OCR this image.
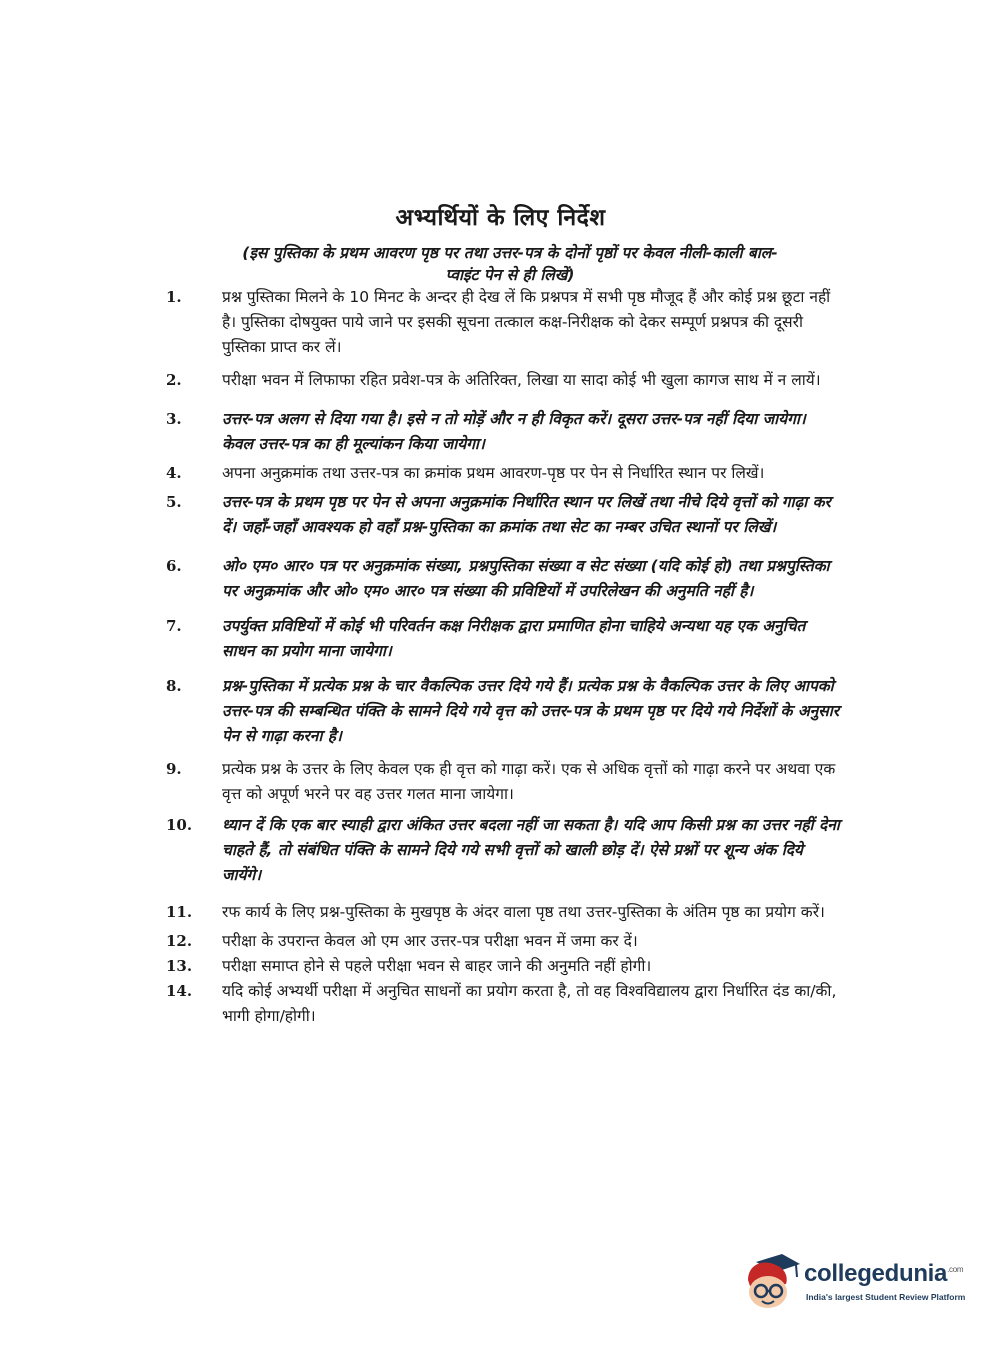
अभ्यर्थियों के लिए निर्देश
(इस पुस्तिका के प्रथम आवरण पृष्ठ पर तथा उत्तर-पत्र के दोनों पृष्ठों पर केवल नीली-काली बाल-प्वाइंट पेन से ही लिखें)
1.	प्रश्न पुस्तिका मिलने के 10 मिनट के अन्दर ही देख लें कि प्रश्नपत्र में सभी पृष्ठ मौजूद हैं और कोई प्रश्न छूटा नहीं है। पुस्तिका दोषयुक्त पाये जाने पर इसकी सूचना तत्काल कक्ष-निरीक्षक को देकर सम्पूर्ण प्रश्नपत्र की दूसरी पुस्तिका प्राप्त कर लें।
2.	परीक्षा भवन में लिफाफा रहित प्रवेश-पत्र के अतिरिक्त, लिखा या सादा कोई भी खुला कागज साथ में न लायें।
3.	उत्तर-पत्र अलग से दिया गया है। इसे न तो मोड़ें और न ही विकृत करें। दूसरा उत्तर-पत्र नहीं दिया जायेगा। केवल उत्तर-पत्र का ही मूल्यांकन किया जायेगा।
4.	अपना अनुक्रमांक तथा उत्तर-पत्र का क्रमांक प्रथम आवरण-पृष्ठ पर पेन से निर्धारित स्थान पर लिखें।
5.	उत्तर-पत्र के प्रथम पृष्ठ पर पेन से अपना अनुक्रमांक निर्धारित स्थान पर लिखें तथा नीचे दिये वृत्तों को गाढ़ा कर दें। जहाँ-जहाँ आवश्यक हो वहाँ प्रश्न-पुस्तिका का क्रमांक तथा सेट का नम्बर उचित स्थानों पर लिखें।
6.	ओ० एम० आर० पत्र पर अनुक्रमांक संख्या, प्रश्नपुस्तिका संख्या व सेट संख्या (यदि कोई हो) तथा प्रश्नपुस्तिका पर अनुक्रमांक और ओ० एम० आर० पत्र संख्या की प्रविष्टियों में उपरिलेखन की अनुमति नहीं है।
7.	उपर्युक्त प्रविष्टियों में कोई भी परिवर्तन कक्ष निरीक्षक द्वारा प्रमाणित होना चाहिये अन्यथा यह एक अनुचित साधन का प्रयोग माना जायेगा।
8.	प्रश्न-पुस्तिका में प्रत्येक प्रश्न के चार वैकल्पिक उत्तर दिये गये हैं। प्रत्येक प्रश्न के वैकल्पिक उत्तर के लिए आपको उत्तर-पत्र की सम्बन्धित पंक्ति के सामने दिये गये वृत्त को उत्तर-पत्र के प्रथम पृष्ठ पर दिये गये निर्देशों के अनुसार पेन से गाढ़ा करना है।
9.	प्रत्येक प्रश्न के उत्तर के लिए केवल एक ही वृत्त को गाढ़ा करें। एक से अधिक वृत्तों को गाढ़ा करने पर अथवा एक वृत्त को अपूर्ण भरने पर वह उत्तर गलत माना जायेगा।
10.	ध्यान दें कि एक बार स्याही द्वारा अंकित उत्तर बदला नहीं जा सकता है। यदि आप किसी प्रश्न का उत्तर नहीं देना चाहते हैं, तो संबंधित पंक्ति के सामने दिये गये सभी वृत्तों को खाली छोड़ दें। ऐसे प्रश्नों पर शून्य अंक दिये जायेंगे।
11.	रफ कार्य के लिए प्रश्न-पुस्तिका के मुखपृष्ठ के अंदर वाला पृष्ठ तथा उत्तर-पुस्तिका के अंतिम पृष्ठ का प्रयोग करें।
12.	परीक्षा के उपरान्त केवल ओ एम आर उत्तर-पत्र परीक्षा भवन में जमा कर दें।
13.	परीक्षा समाप्त होने से पहले परीक्षा भवन से बाहर जाने की अनुमति नहीं होगी।
14.	यदि कोई अभ्यर्थी परीक्षा में अनुचित साधनों का प्रयोग करता है, तो वह विश्वविद्यालय द्वारा निर्धारित दंड का/की, भागी होगा/होगी।
collegedunia$^{.com}$
India's largest Student Review Platform
